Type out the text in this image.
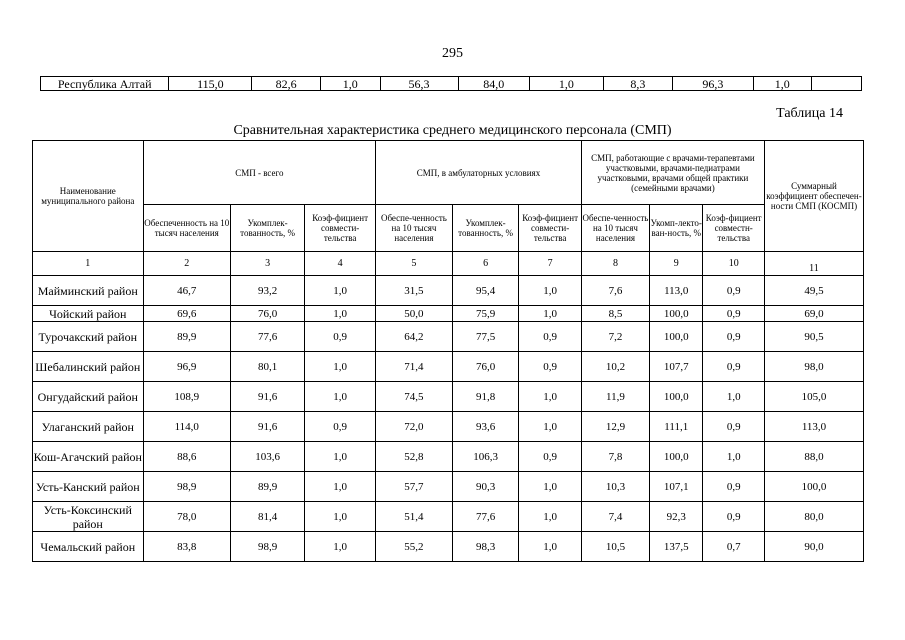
295
Республика Алтай	115,0	82,6	1,0	56,3	84,0	1,0	8,3	96,3	1,0	
Таблица 14
Сравнительная характеристика среднего медицинского персонала (СМП)
Наименование муниципального района	СМП - всего			СМП, в амбулаторных условиях			СМП, работающие с врачами-терапевтами участковыми, врачами-педиатрами участковыми, врачами общей практики (семейными врачами)			Суммарный коэффициент обеспечен-ности СМП (КОСМП)
	Обеспеченность на 10 тысяч населения	Укомплек-тованность, %	Коэф-фициент совмести-тельства	Обеспе-ченность на 10 тысяч населения	Укомплек-тованность, %	Коэф-фициент совмести-тельства	Обеспе-ченность на 10 тысяч населения	Укомп-лекто-ван-ность, %	Коэф-фициент совместн-тельства	
1	2	3	4	5	6	7	8	9	10	11
Майминский район	46,7	93,2	1,0	31,5	95,4	1,0	7,6	113,0	0,9	49,5
Чойский район	69,6	76,0	1,0	50,0	75,9	1,0	8,5	100,0	0,9	69,0
Турочакский район	89,9	77,6	0,9	64,2	77,5	0,9	7,2	100,0	0,9	90,5
Шебалинский район	96,9	80,1	1,0	71,4	76,0	0,9	10,2	107,7	0,9	98,0
Онгудайский район	108,9	91,6	1,0	74,5	91,8	1,0	11,9	100,0	1,0	105,0
Улаганский район	114,0	91,6	0,9	72,0	93,6	1,0	12,9	111,1	0,9	113,0
Кош-Агачский район	88,6	103,6	1,0	52,8	106,3	0,9	7,8	100,0	1,0	88,0
Усть-Канский район	98,9	89,9	1,0	57,7	90,3	1,0	10,3	107,1	0,9	100,0
Усть-Коксинский район	78,0	81,4	1,0	51,4	77,6	1,0	7,4	92,3	0,9	80,0
Чемальский район	83,8	98,9	1,0	55,2	98,3	1,0	10,5	137,5	0,7	90,0
